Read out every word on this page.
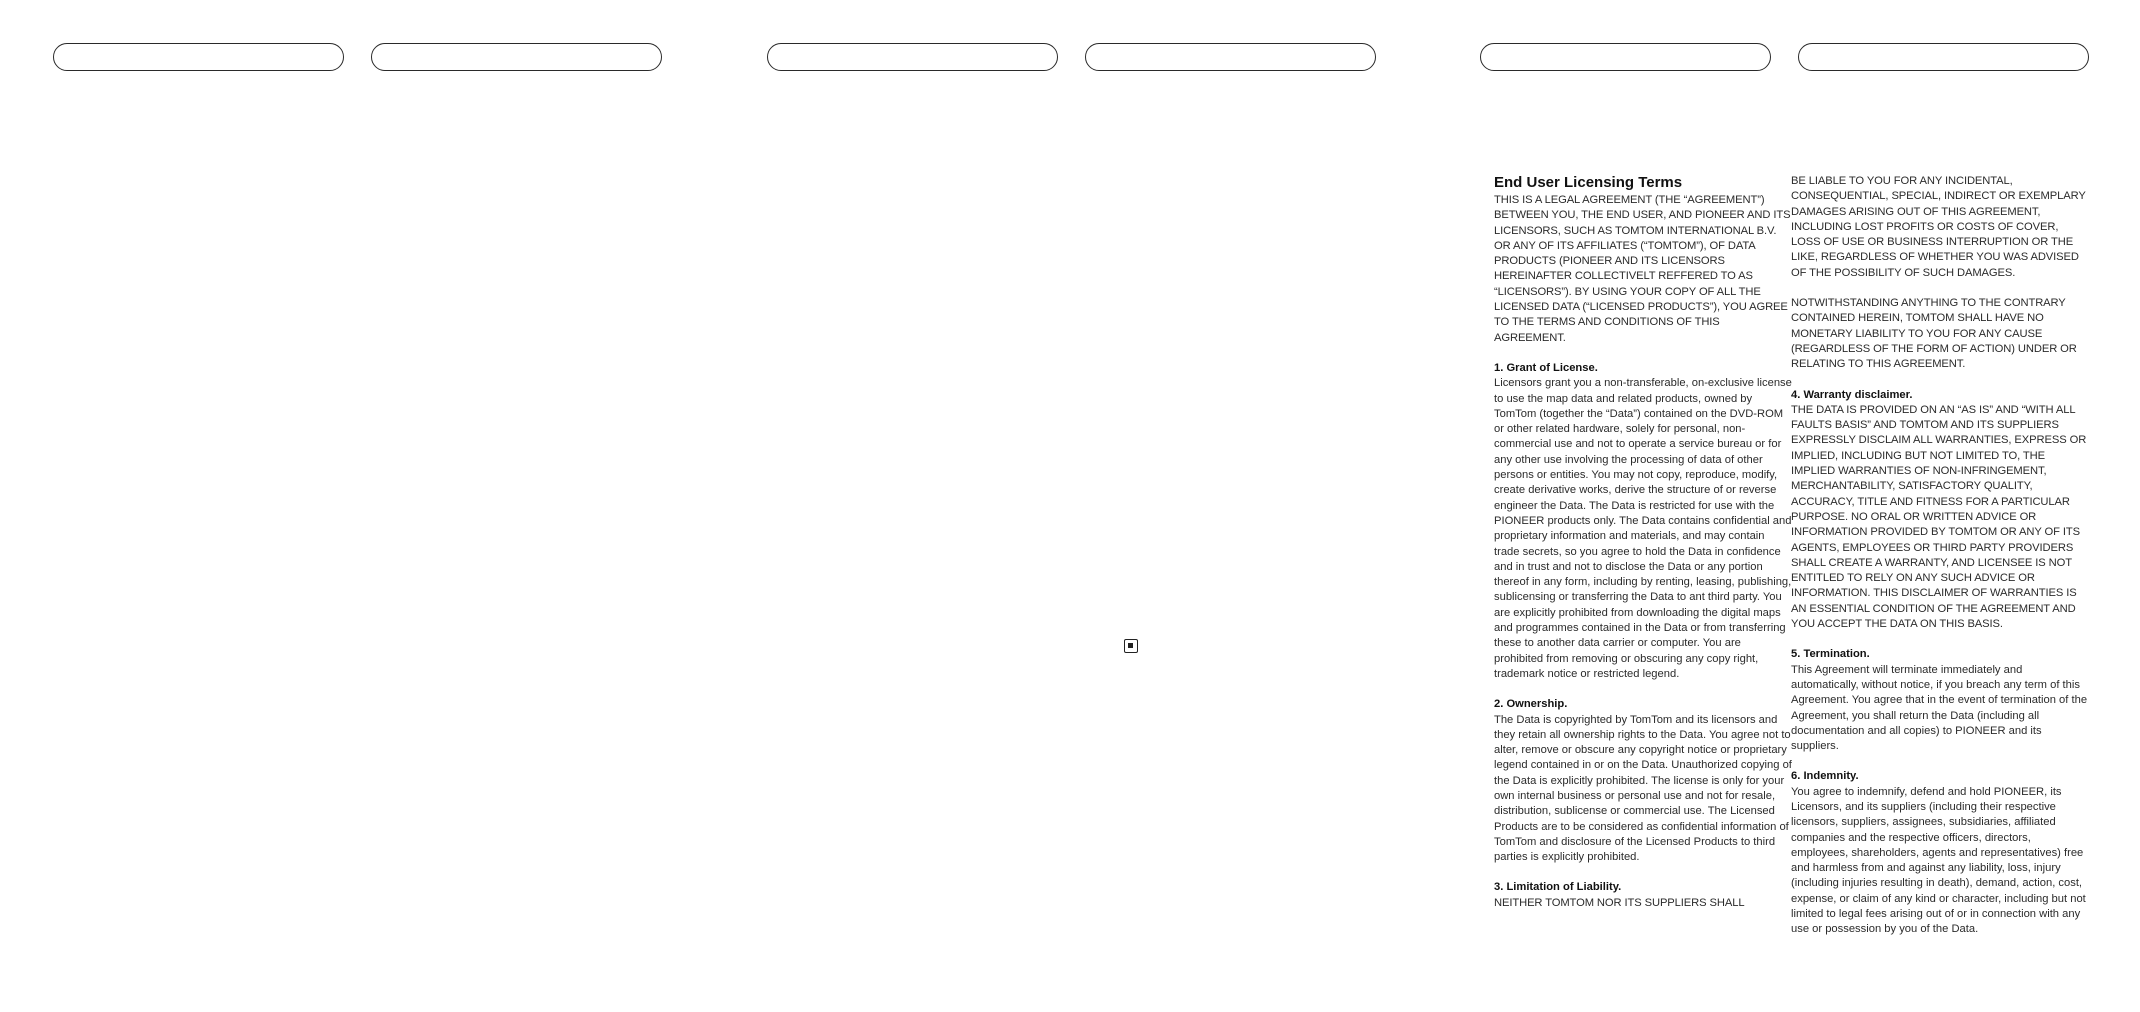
End User Licensing Terms

THIS IS A LEGAL AGREEMENT (THE “AGREEMENT”) BETWEEN YOU, THE END USER, AND PIONEER AND ITS LICENSORS, SUCH AS TOMTOM INTERNATIONAL B.V. OR ANY OF ITS AFFILIATES (“TOMTOM”), OF DATA PRODUCTS (PIONEER AND ITS LICENSORS HEREINAFTER COLLECTIVELT REFFERED TO AS “LICENSORS”). BY USING YOUR COPY OF ALL THE LICENSED DATA (“LICENSED PRODUCTS”), YOU AGREE TO THE TERMS AND CONDITIONS OF THIS AGREEMENT.

1. Grant of License.
Licensors grant you a non-transferable, on-exclusive license to use the map data and related products, owned by TomTom (together the “Data”) contained on the DVD-ROM or other related hardware, solely for personal, non-commercial use and not to operate a service bureau or for any other use involving the processing of data of other persons or entities. You may not copy, reproduce, modify, create derivative works, derive the structure of or reverse engineer the Data. The Data is restricted for use with the PIONEER products only. The Data contains confidential and proprietary information and materials, and may contain trade secrets, so you agree to hold the Data in confidence and in trust and not to disclose the Data or any portion thereof in any form, including by renting, leasing, publishing, sublicensing or transferring the Data to ant third party. You are explicitly prohibited from downloading the digital maps and programmes contained in the Data or from transferring these to another data carrier or computer. You are prohibited from removing or obscuring any copy right, trademark notice or restricted legend.

2. Ownership.
The Data is copyrighted by TomTom and its licensors and they retain all ownership rights to the Data. You agree not to alter, remove or obscure any copyright notice or proprietary legend contained in or on the Data. Unauthorized copying of the Data is explicitly prohibited. The license is only for your own internal business or personal use and not for resale, distribution, sublicense or commercial use. The Licensed Products are to be considered as confidential information of TomTom and disclosure of the Licensed Products to third parties is explicitly prohibited.

3. Limitation of Liability.
NEITHER TOMTOM NOR ITS SUPPLIERS SHALL

BE LIABLE TO YOU FOR ANY INCIDENTAL, CONSEQUENTIAL, SPECIAL, INDIRECT OR EXEMPLARY DAMAGES ARISING OUT OF THIS AGREEMENT, INCLUDING LOST PROFITS OR COSTS OF COVER, LOSS OF USE OR BUSINESS INTERRUPTION OR THE LIKE, REGARDLESS OF WHETHER YOU WAS ADVISED OF THE POSSIBILITY OF SUCH DAMAGES.

NOTWITHSTANDING ANYTHING TO THE CONTRARY CONTAINED HEREIN, TOMTOM SHALL HAVE NO MONETARY LIABILITY TO YOU FOR ANY CAUSE (REGARDLESS OF THE FORM OF ACTION) UNDER OR RELATING TO THIS AGREEMENT.

4. Warranty disclaimer.
THE DATA IS PROVIDED ON AN “AS IS” AND “WITH ALL FAULTS BASIS” AND TOMTOM AND ITS SUPPLIERS EXPRESSLY DISCLAIM ALL WARRANTIES, EXPRESS OR IMPLIED, INCLUDING BUT NOT LIMITED TO, THE IMPLIED WARRANTIES OF NON-INFRINGEMENT, MERCHANTABILITY, SATISFACTORY QUALITY, ACCURACY, TITLE AND FITNESS FOR A PARTICULAR PURPOSE. NO ORAL OR WRITTEN ADVICE OR INFORMATION PROVIDED BY TOMTOM OR ANY OF ITS AGENTS, EMPLOYEES OR THIRD PARTY PROVIDERS SHALL CREATE A WARRANTY, AND LICENSEE IS NOT ENTITLED TO RELY ON ANY SUCH ADVICE OR INFORMATION. THIS DISCLAIMER OF WARRANTIES IS AN ESSENTIAL CONDITION OF THE AGREEMENT AND YOU ACCEPT THE DATA ON THIS BASIS.

5. Termination.
This Agreement will terminate immediately and automatically, without notice, if you breach any term of this Agreement. You agree that in the event of termination of the Agreement, you shall return the Data (including all documentation and all copies) to PIONEER and its suppliers.

6. Indemnity.
You agree to indemnify, defend and hold PIONEER, its Licensors, and its suppliers (including their respective licensors, suppliers, assignees, subsidiaries, affiliated companies and the respective officers, directors, employees, shareholders, agents and representatives) free and harmless from and against any liability, loss, injury (including injuries resulting in death), demand, action, cost, expense, or claim of any kind or character, including but not limited to legal fees arising out of or in connection with any use or possession by you of the Data.
